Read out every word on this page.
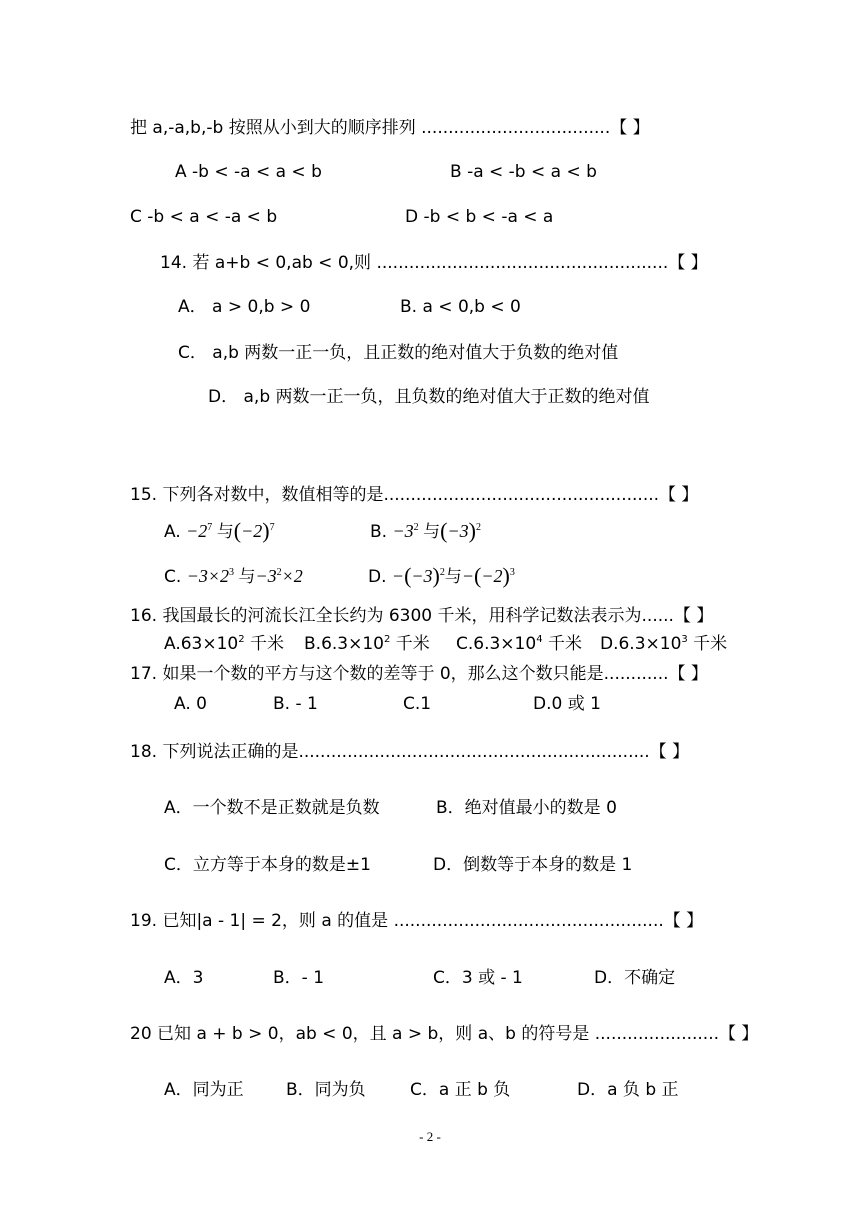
把 a,-a,b,-b 按照从小到大的顺序排列 ...................................【 】
A -b < -a < a < b	B -a < -b < a < b
C -b < a < -a < b	D -b < b < -a < a
14. 若 a+b < 0,ab < 0,则 ......................................................【 】
A． a > 0,b > 0	B. a < 0,b < 0
C． a,b 两数一正一负，且正数的绝对值大于负数的绝对值
D． a,b 两数一正一负，且负数的绝对值大于正数的绝对值
15. 下列各对数中，数值相等的是...................................................【 】
A. $-2^7$ 与$(-2)^7$	B. $-3^2$ 与$(-3)^2$
C. $-3\times 2^3$ 与$-3^2\times 2$	D. $-(-3)^2$与$-(-2)^3$
16. 我国最长的河流长江全长约为 6300 千米，用科学记数法表示为......【 】
$A.63\times 10^2$ 千米 $B.6.3\times 10^2$ 千米 $C.6.3\times 10^4$ 千米 $D.6.3\times 10^3$ 千米
17. 如果一个数的平方与这个数的差等于 0，那么这个数只能是............【 】
A. 0	B. - 1	C.1	D.0 或 1
18. 下列说法正确的是.................................................................【 】
A．一个数不是正数就是负数	B．绝对值最小的数是 0
C．立方等于本身的数是±1	D．倒数等于本身的数是 1
19. 已知|a - 1| = 2，则 a 的值是 ..................................................【 】
A．3	B．- 1	C．3 或 - 1	D．不确定
20 已知 a + b > 0，ab < 0，且 a > b，则 a、b 的符号是 .......................【 】
A．同为正 B．同为负	C．a 正 b 负	D．a 负 b 正
- 2 -
